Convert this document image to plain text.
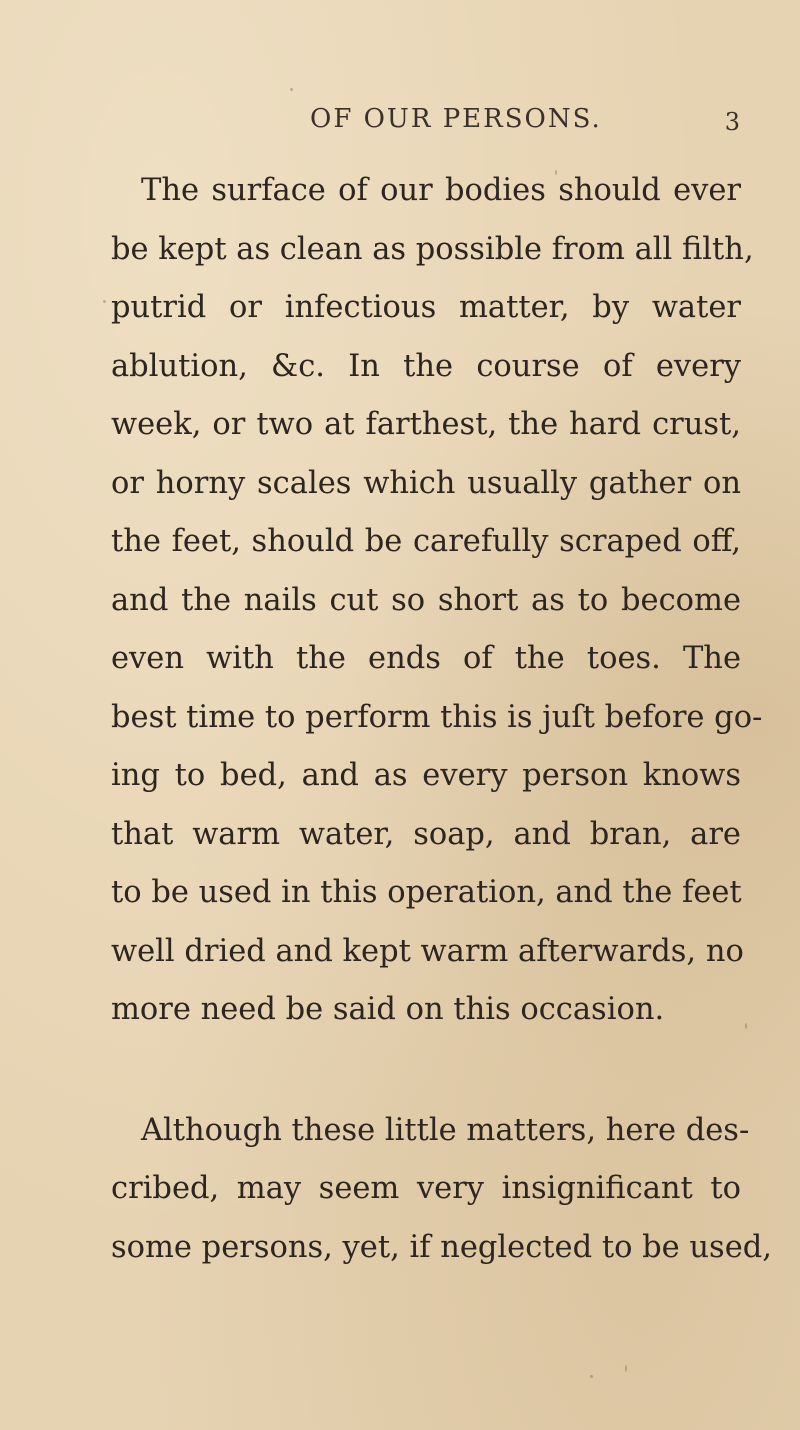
OF OUR PERSONS.	3
The surface of our bodies should ever
be kept as clean as possible from all filth,
putrid or infectious matter, by water
ablution, &c. In the course of every
week, or two at farthest, the hard crust,
or horny scales which usually gather on
the feet, should be carefully scraped off,
and the nails cut so short as to become
even with the ends of the toes. The
best time to perform this is juſt before go-
ing to bed, and as every person knows
that warm water, soap, and bran, are
to be used in this operation, and the feet
well dried and kept warm afterwards, no
more need be said on this occasion.
Although these little matters, here des-
cribed, may seem very insignificant to
some persons, yet, if neglected to be used,
